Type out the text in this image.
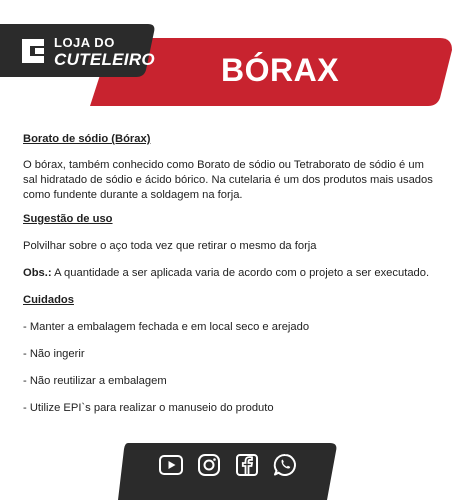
LOJA DO
CUTELEIRO	BÓRAX
Borato de sódio (Bórax)
O bórax, também conhecido como Borato de sódio ou Tetraborato de sódio é um sal hidratado de sódio e ácido bórico. Na cutelaria é um dos produtos mais usados como fundente durante a soldagem na forja.
Sugestão de uso
Polvilhar sobre o aço toda vez que retirar o mesmo da forja
Obs.: A quantidade a ser aplicada varia de acordo com o projeto a ser executado.
Cuidados
- Manter a embalagem fechada e em local seco e arejado
- Não ingerir
- Não reutilizar a embalagem
- Utilize EPI`s para realizar o manuseio do produto
